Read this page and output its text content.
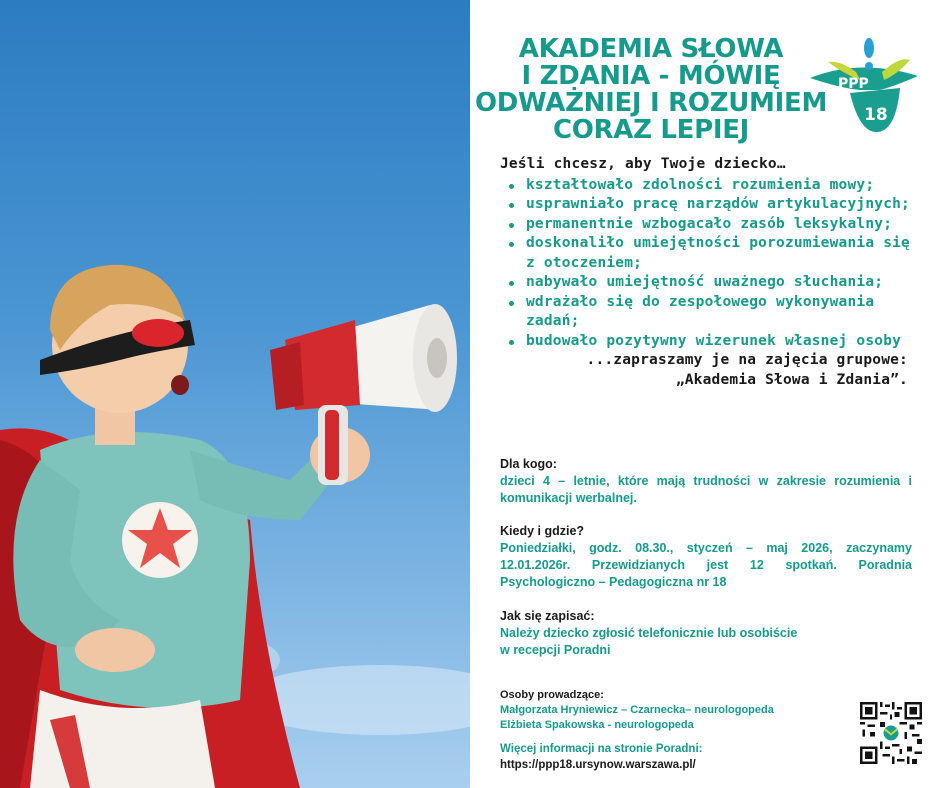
AKADEMIA SŁOWA
I ZDANIA - MÓWIĘ
ODWAŻNIEJ I ROZUMIEM
CORAZ LEPIEJ
PPP
18
Jeśli chcesz, aby Twoje dziecko…
kształtowało zdolności rozumienia mowy;
usprawniało pracę narządów artykulacyjnych;
permanentnie wzbogacało zasób leksykalny;
doskonaliło umiejętności porozumiewania się z otoczeniem;
nabywało umiejętność uważnego słuchania;
wdrażało się do zespołowego wykonywania zadań;
budowało pozytywny wizerunek własnej osoby
...zapraszamy je na zajęcia grupowe:
„Akademia Słowa i Zdania”.
Dla kogo:
dzieci 4 – letnie, które mają trudności w zakresie rozumienia i komunikacji werbalnej.
Kiedy i gdzie?
Poniedziałki, godz. 08.30., styczeń – maj 2026, zaczynamy 12.01.2026r. Przewidzianych jest 12 spotkań. Poradnia Psychologiczno – Pedagogiczna nr 18
Jak się zapisać:
Należy dziecko zgłosić telefonicznie lub osobiście
w recepcji Poradni
Osoby prowadzące:
Małgorzata Hryniewicz – Czarnecka– neurologopeda
Elżbieta Spakowska - neurologopeda
Więcej informacji na stronie Poradni:
https://ppp18.ursynow.warszawa.pl/
